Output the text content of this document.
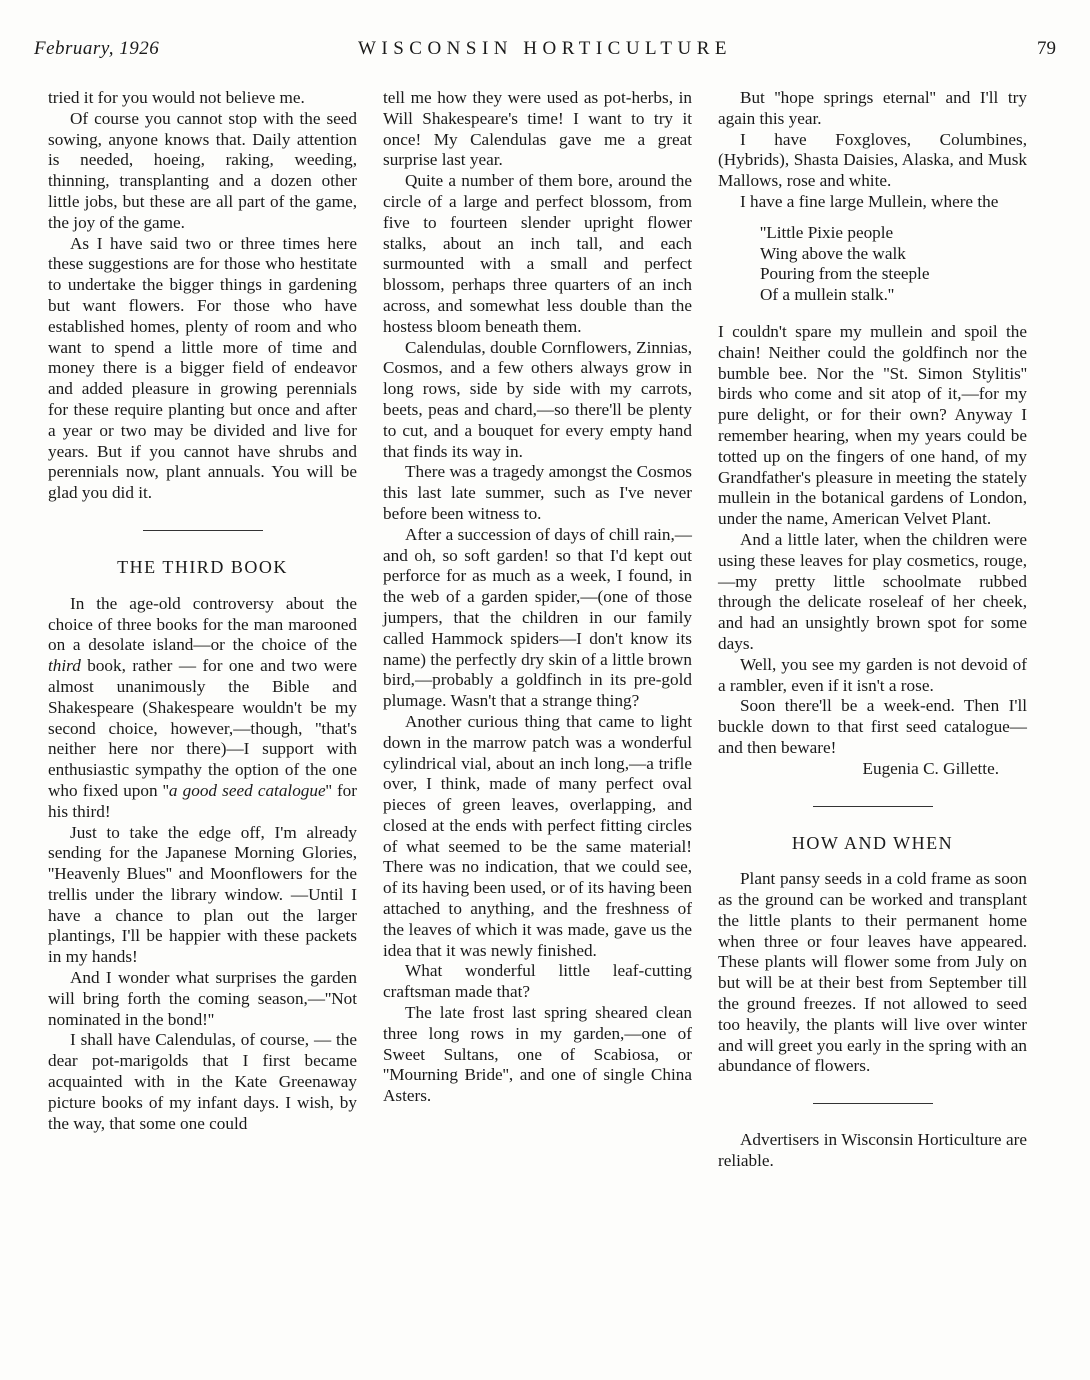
February, 1926	WISCONSIN HORTICULTURE	79

tried it for you would not believe me.

Of course you cannot stop with the seed sowing, anyone knows that. Daily attention is needed, hoeing, raking, weeding, thinning, transplanting and a dozen other little jobs, but these are all part of the game, the joy of the game.

As I have said two or three times here these suggestions are for those who hestitate to undertake the bigger things in gardening but want flowers. For those who have established homes, plenty of room and who want to spend a little more of time and money there is a bigger field of endeavor and added pleasure in growing perennials for these require planting but once and after a year or two may be divided and live for years. But if you cannot have shrubs and perennials now, plant annuals. You will be glad you did it.

THE THIRD BOOK

In the age-old controversy about the choice of three books for the man marooned on a desolate island—or the choice of the third book, rather — for one and two were almost unanimously the Bible and Shakespeare (Shakespeare wouldn't be my second choice, however,—though, ''that's neither here nor there)—I support with enthusiastic sympathy the option of the one who fixed upon ''a good seed catalogue'' for his third!

Just to take the edge off, I'm already sending for the Japanese Morning Glories, ''Heavenly Blues'' and Moonflowers for the trellis under the library window. —Until I have a chance to plan out the larger plantings, I'll be happier with these packets in my hands!

And I wonder what surprises the garden will bring forth the coming season,—''Not nominated in the bond!''

I shall have Calendulas, of course, — the dear pot-marigolds that I first became acquainted with in the Kate Greenaway picture books of my infant days. I wish, by the way, that some one could

tell me how they were used as pot-herbs, in Will Shakespeare's time! I want to try it once! My Calendulas gave me a great surprise last year.

Quite a number of them bore, around the circle of a large and perfect blossom, from five to fourteen slender upright flower stalks, about an inch tall, and each surmounted with a small and perfect blossom, perhaps three quarters of an inch across, and somewhat less double than the hostess bloom beneath them.

Calendulas, double Cornflowers, Zinnias, Cosmos, and a few others always grow in long rows, side by side with my carrots, beets, peas and chard,—so there'll be plenty to cut, and a bouquet for every empty hand that finds its way in.

There was a tragedy amongst the Cosmos this last late summer, such as I've never before been witness to.

After a succession of days of chill rain,—and oh, so soft garden! so that I'd kept out perforce for as much as a week, I found, in the web of a garden spider,—(one of those jumpers, that the children in our family called Hammock spiders—I don't know its name) the perfectly dry skin of a little brown bird,—probably a goldfinch in its pre-gold plumage. Wasn't that a strange thing?

Another curious thing that came to light down in the marrow patch was a wonderful cylindrical vial, about an inch long,—a trifle over, I think, made of many perfect oval pieces of green leaves, overlapping, and closed at the ends with perfect fitting circles of what seemed to be the same material! There was no indication, that we could see, of its having been used, or of its having been attached to anything, and the freshness of the leaves of which it was made, gave us the idea that it was newly finished.

What wonderful little leaf-cutting craftsman made that?

The late frost last spring sheared clean three long rows in my garden,—one of Sweet Sultans, one of Scabiosa, or ''Mourning Bride'', and one of single China Asters.

But ''hope springs eternal'' and I'll try again this year.

I have Foxgloves, Columbines, (Hybrids), Shasta Daisies, Alaska, and Musk Mallows, rose and white.

I have a fine large Mullein, where the

''Little Pixie people
Wing above the walk
Pouring from the steeple
Of a mullein stalk.''

I couldn't spare my mullein and spoil the chain! Neither could the goldfinch nor the bumble bee. Nor the ''St. Simon Stylitis'' birds who come and sit atop of it,—for my pure delight, or for their own? Anyway I remember hearing, when my years could be totted up on the fingers of one hand, of my Grandfather's pleasure in meeting the stately mullein in the botanical gardens of London, under the name, American Velvet Plant.

And a little later, when the children were using these leaves for play cosmetics, rouge,—my pretty little schoolmate rubbed through the delicate roseleaf of her cheek, and had an unsightly brown spot for some days.

Well, you see my garden is not devoid of a rambler, even if it isn't a rose.

Soon there'll be a week-end. Then I'll buckle down to that first seed catalogue—and then beware!

Eugenia C. Gillette.

HOW AND WHEN

Plant pansy seeds in a cold frame as soon as the ground can be worked and transplant the little plants to their permanent home when three or four leaves have appeared. These plants will flower some from July on but will be at their best from September till the ground freezes. If not allowed to seed too heavily, the plants will live over winter and will greet you early in the spring with an abundance of flowers.

Advertisers in Wisconsin Horticulture are reliable.
